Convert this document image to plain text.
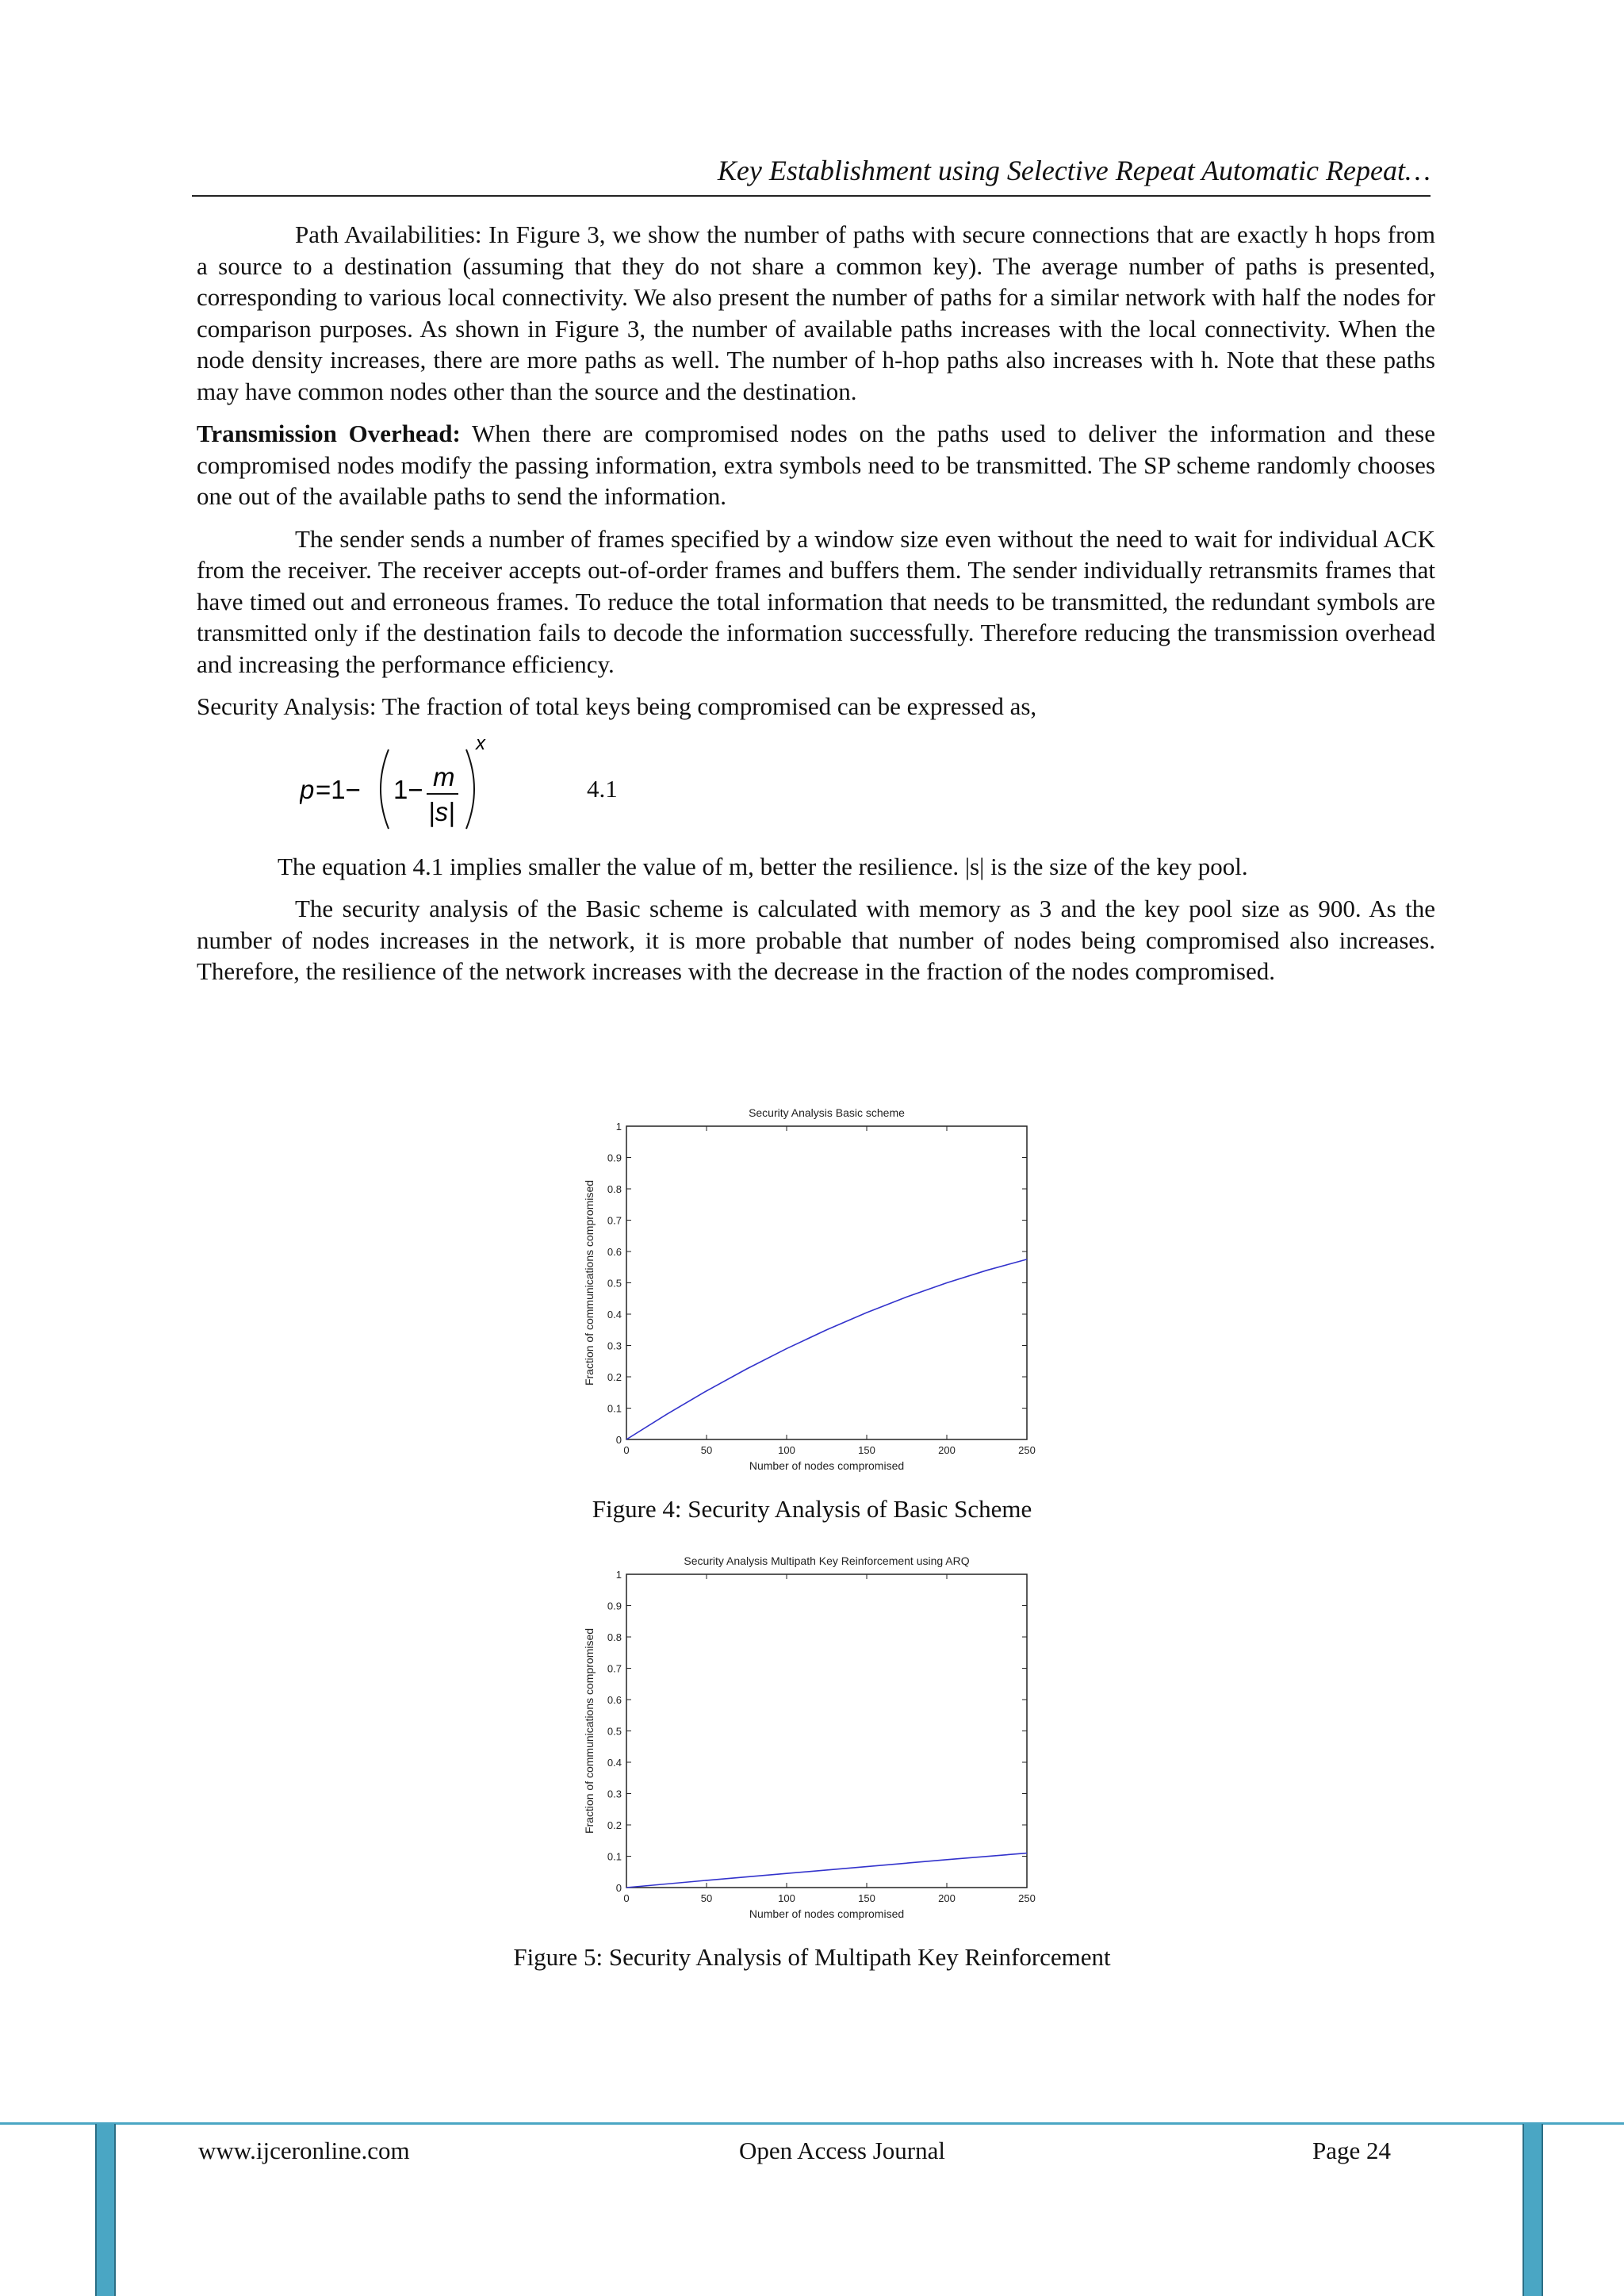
Key Establishment using Selective Repeat Automatic Repeat…

Path Availabilities: In Figure 3, we show the number of paths with secure connections that are exactly h hops from a source to a destination (assuming that they do not share a common key). The average number of paths is presented, corresponding to various local connectivity. We also present the number of paths for a similar network with half the nodes for comparison purposes. As shown in Figure 3, the number of available paths increases with the local connectivity. When the node density increases, there are more paths as well. The number of h-hop paths also increases with h. Note that these paths may have common nodes other than the source and the destination.

Transmission Overhead: When there are compromised nodes on the paths used to deliver the information and these compromised nodes modify the passing information, extra symbols need to be transmitted. The SP scheme randomly chooses one out of the available paths to send the information.

The sender sends a number of frames specified by a window size even without the need to wait for individual ACK from the receiver. The receiver accepts out-of-order frames and buffers them. The sender individually retransmits frames that have timed out and erroneous frames. To reduce the total information that needs to be transmitted, the redundant symbols are transmitted only if the destination fails to decode the information successfully. Therefore reducing the transmission overhead and increasing the performance efficiency.

Security Analysis: The fraction of total keys being compromised can be expressed as,

p =1− 1− m
|s|
x
4.1

The equation 4.1 implies smaller the value of m, better the resilience. |s| is the size of the key pool.

The security analysis of the Basic scheme is calculated with memory as 3 and the key pool size as 900. As the number of nodes increases in the network, it is more probable that number of nodes being compromised also increases. Therefore, the resilience of the network increases with the decrease in the fraction of the nodes compromised.

Security Analysis Basic scheme
0	50	100	150	200	250
0
0.1
0.2
0.3
0.4
0.5
0.6
0.7
0.8
0.9
1
Number of nodes compromised
Fraction of communications compromised
Figure 4: Security Analysis of Basic Scheme
Security Analysis Multipath Key Reinforcement using ARQ
0	50	100	150	200	250
0
0.1
0.2
0.3
0.4
0.5
0.6
0.7
0.8
0.9
1
Number of nodes compromised
Fraction of communications compromised
Figure 5: Security Analysis of Multipath Key Reinforcement
www.ijceronline.com	Open Access Journal	Page 24
